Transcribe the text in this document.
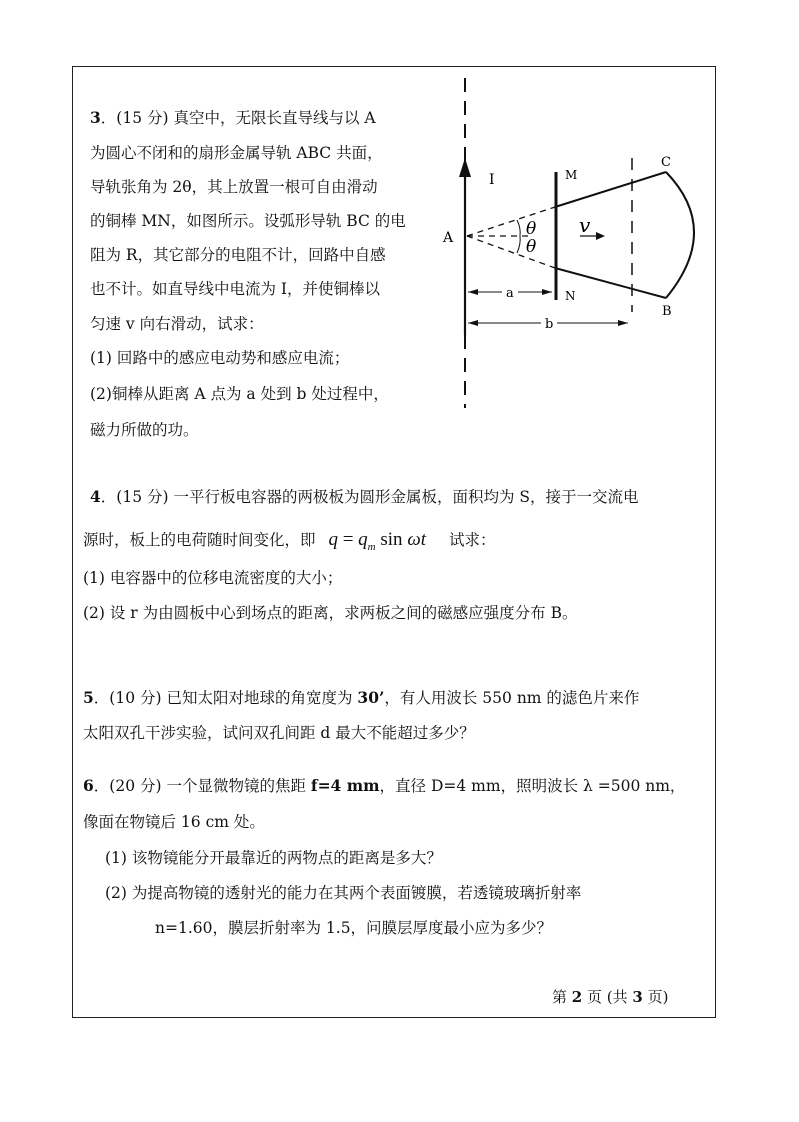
3．(15 分) 真空中，无限长直导线与以 A
为圆心不闭和的扇形金属导轨 ABC 共面，
导轨张角为 2θ，其上放置一根可自由滑动
的铜棒 MN，如图所示。设弧形导轨 BC 的电
阻为 R，其它部分的电阻不计，回路中自感
也不计。如直导线中电流为 I，并使铜棒以
匀速 v 向右滑动，试求：
(1) 回路中的感应电动势和感应电流；
(2)铜棒从距离 A 点为 a 处到 b 处过程中，
磁力所做的功。
I
A
M
N
C
B
θ
θ
v
a
b
4．(15 分) 一平行板电容器的两极板为圆形金属板，面积均为 S，接于一交流电
源时，板上的电荷随时间变化，即 $q = q_m$ sin ωt 试求：
(1) 电容器中的位移电流密度的大小；
(2) 设 r 为由圆板中心到场点的距离，求两板之间的磁感应强度分布 B。
5．(10 分) 已知太阳对地球的角宽度为 30’，有人用波长 550 nm 的滤色片来作
太阳双孔干涉实验，试问双孔间距 d 最大不能超过多少？
6．(20 分) 一个显微物镜的焦距 f=4 mm，直径 D=4 mm，照明波长 λ =500 nm，
像面在物镜后 16 cm 处。
(1) 该物镜能分开最靠近的两物点的距离是多大？
(2) 为提高物镜的透射光的能力在其两个表面镀膜，若透镜玻璃折射率
n=1.60，膜层折射率为 1.5，问膜层厚度最小应为多少？
第 2 页 (共 3 页)
